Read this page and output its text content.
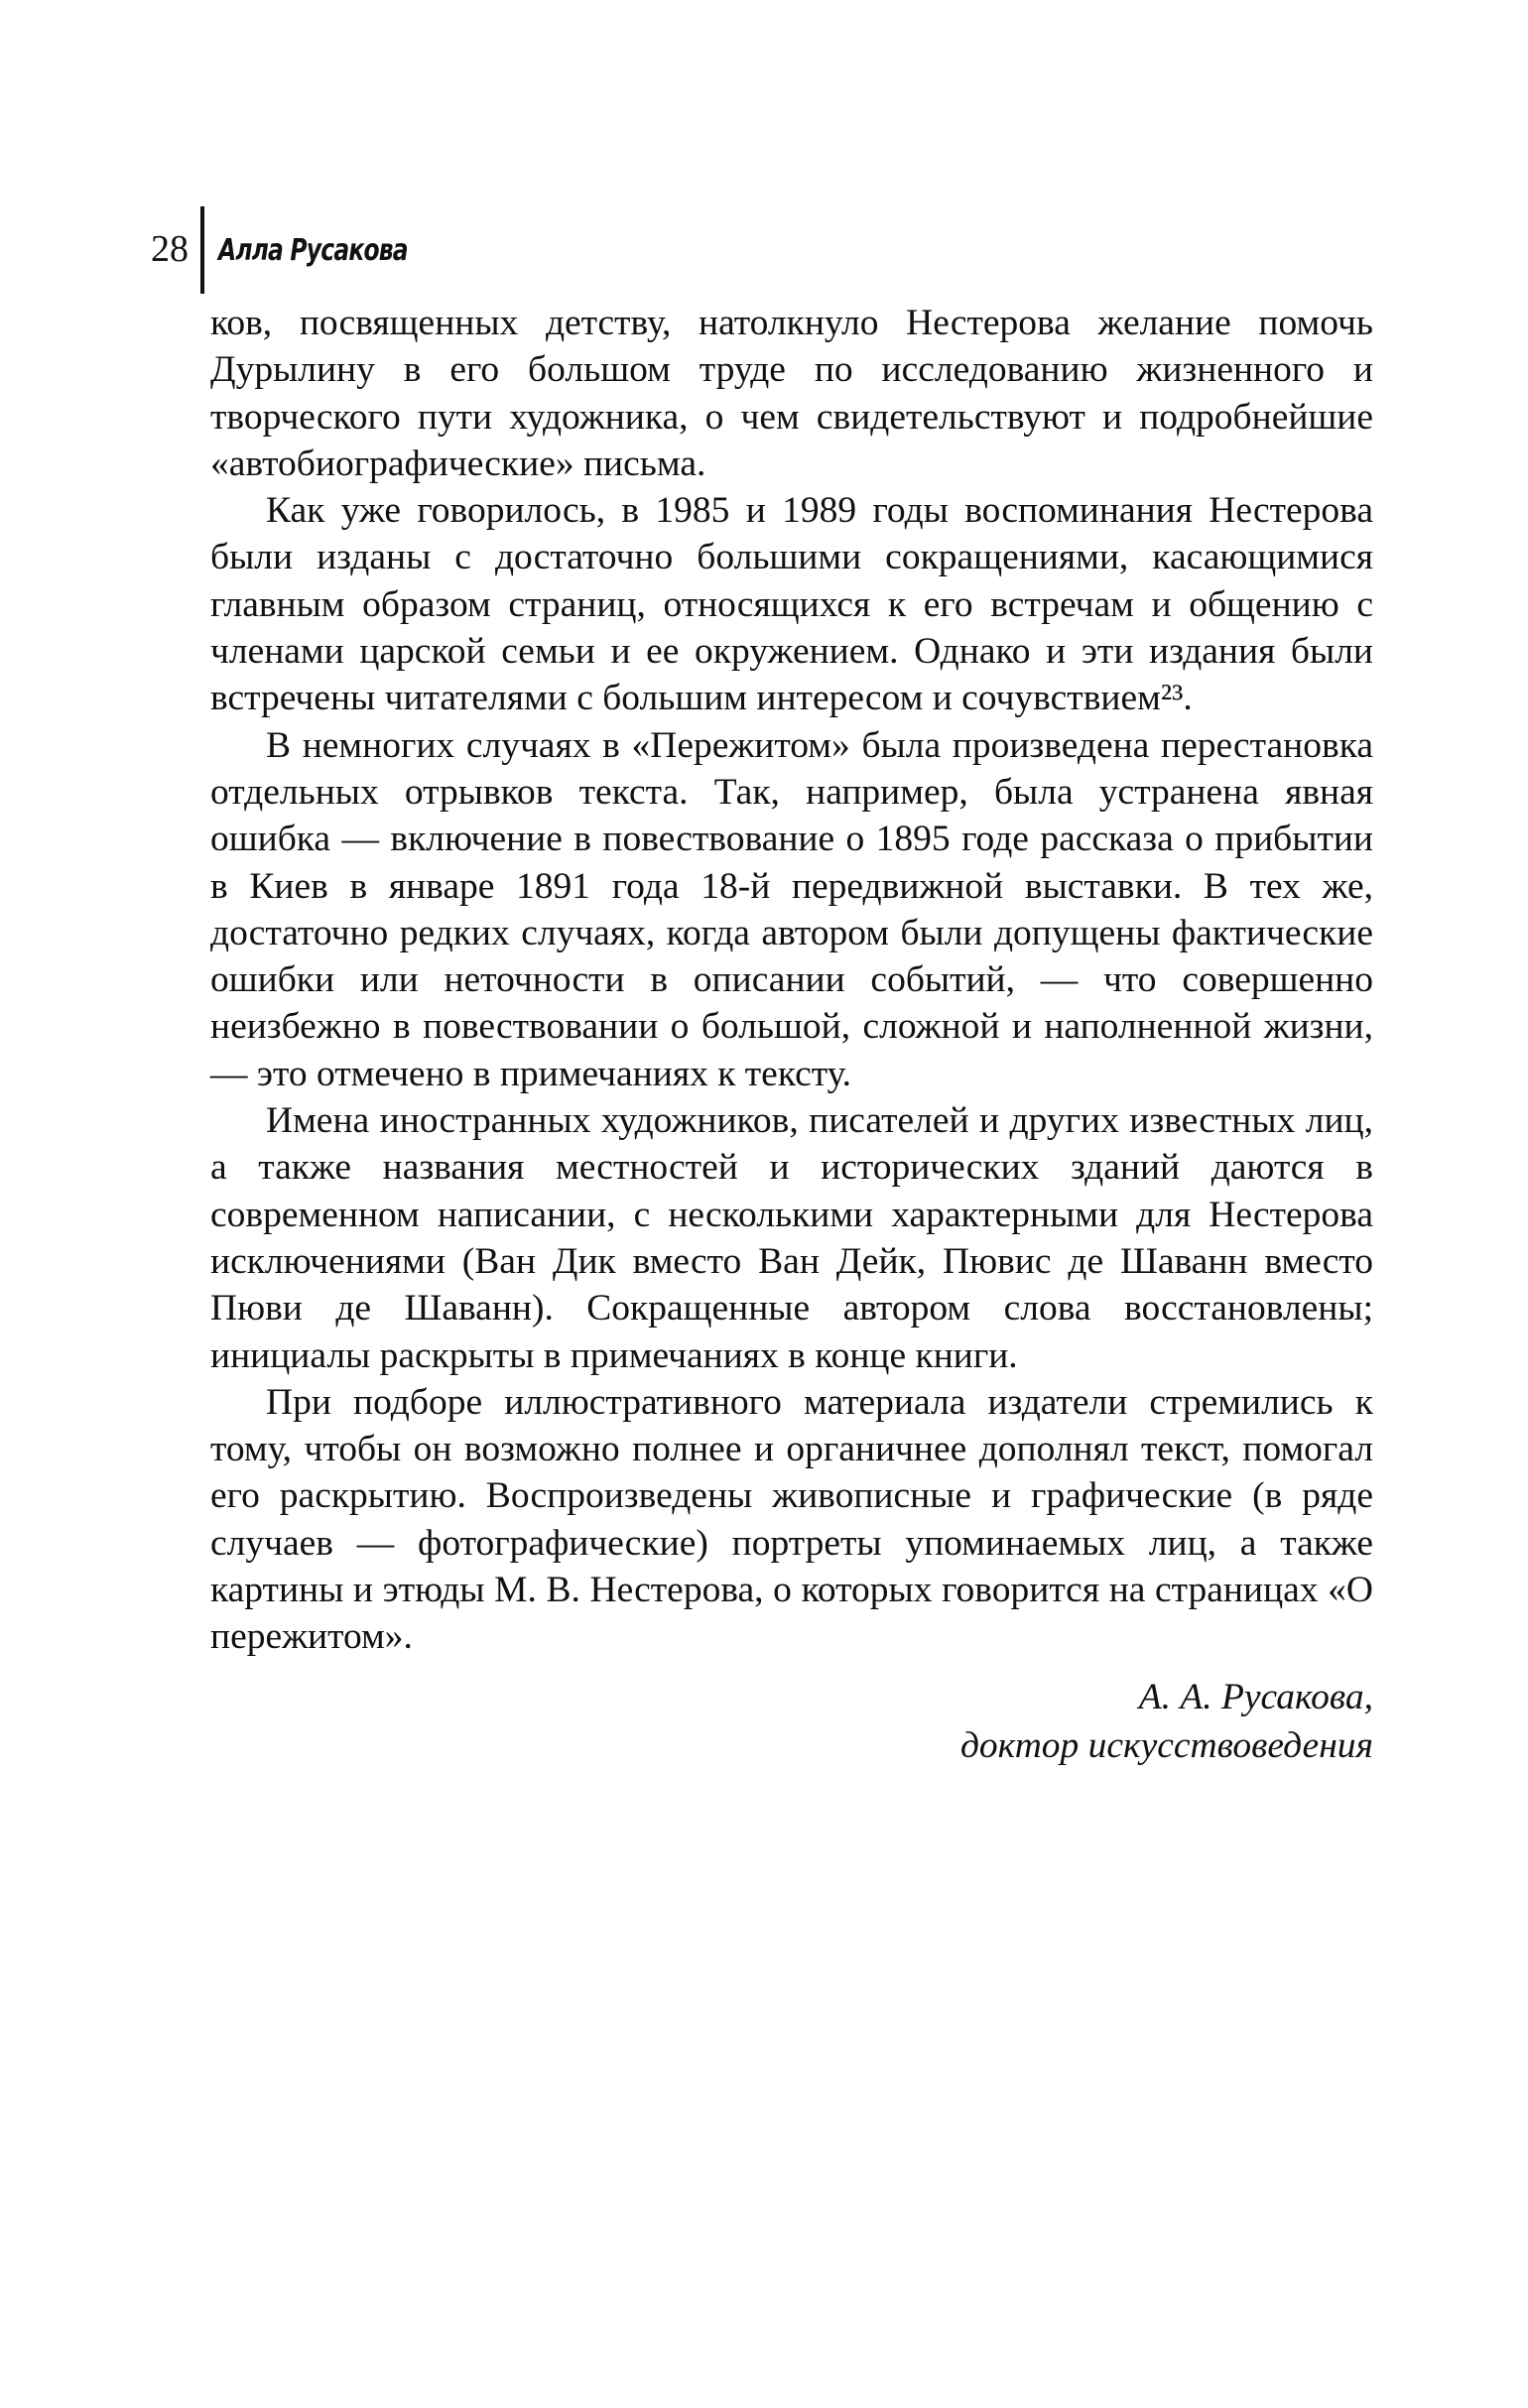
28 Алла Русакова

ков, посвященных детству, натолкнуло Нестерова желание помочь Дурылину в его большом труде по исследованию жизненного и творческого пути художника, о чем свидетельствуют и подробнейшие «автобиографические» письма.

Как уже говорилось, в 1985 и 1989 годы воспоминания Нестерова были изданы с достаточно большими сокращениями, касающимися главным образом страниц, относящихся к его встречам и общению с членами царской семьи и ее окружением. Однако и эти издания были встречены читателями с большим интересом и сочувствием²³.

В немногих случаях в «Пережитом» была произведена перестановка отдельных отрывков текста. Так, например, была устранена явная ошибка — включение в повествование о 1895 годе рассказа о прибытии в Киев в январе 1891 года 18-й передвижной выставки. В тех же, достаточно редких случаях, когда автором были допущены фактические ошибки или неточности в описании событий, — что совершенно неизбежно в повествовании о большой, сложной и наполненной жизни, — это отмечено в примечаниях к тексту.

Имена иностранных художников, писателей и других известных лиц, а также названия местностей и исторических зданий даются в современном написании, с несколькими характерными для Нестерова исключениями (Ван Дик вместо Ван Дейк, Пювис де Шаванн вместо Пюви де Шаванн). Сокращенные автором слова восстановлены; инициалы раскрыты в примечаниях в конце книги.

При подборе иллюстративного материала издатели стремились к тому, чтобы он возможно полнее и органичнее дополнял текст, помогал его раскрытию. Воспроизведены живописные и графические (в ряде случаев — фотографические) портреты упоминаемых лиц, а также картины и этюды М. В. Нестерова, о которых говорится на страницах «О пережитом».

А. А. Русакова,
доктор искусствоведения
